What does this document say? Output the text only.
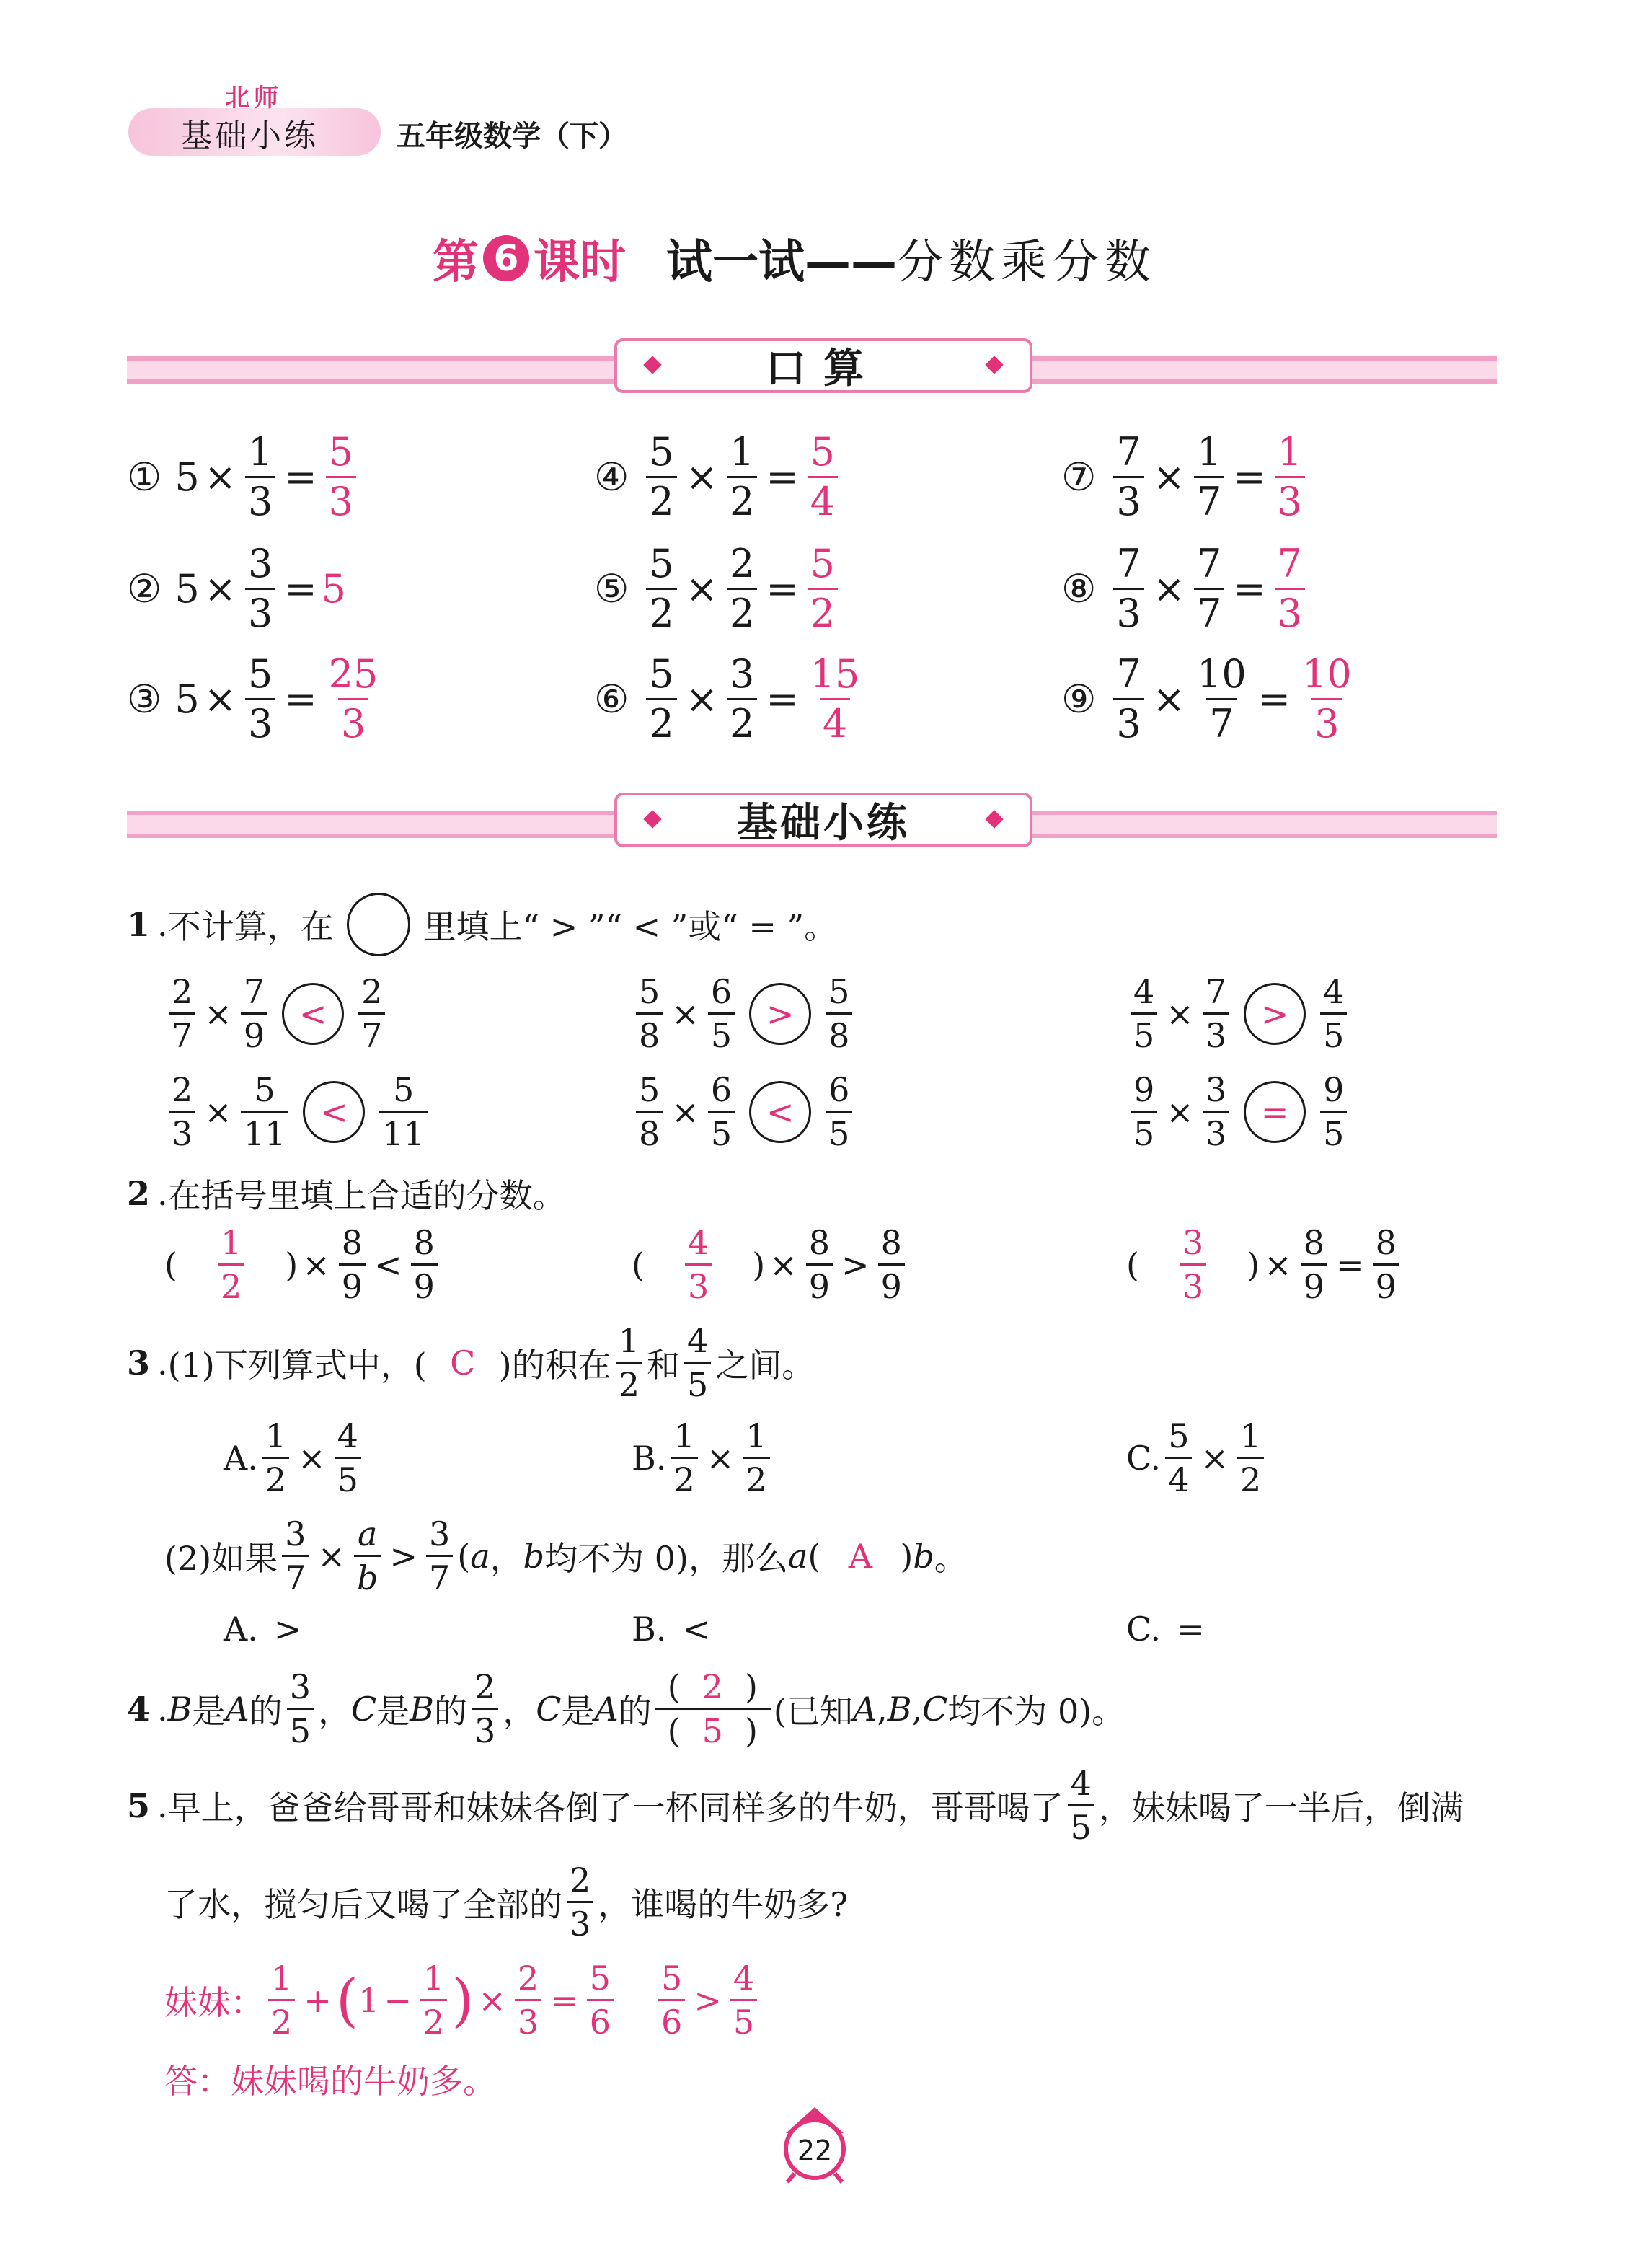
北师
基础小练	五年级数学（下）
第 6 课时 试一试——分数乘分数
口算
① $5 \times \frac{1}{3} = \frac{5}{3}$
② $5 \times \frac{3}{3} = 5$
③ $5 \times \frac{5}{3} = \frac{25}{3}$
④ $\frac{5}{2} \times \frac{1}{2} = \frac{5}{4}$
⑤ $\frac{5}{2} \times \frac{2}{2} = \frac{5}{2}$
⑥ $\frac{5}{2} \times \frac{3}{2} = \frac{15}{4}$
⑦ $\frac{7}{3} \times \frac{1}{7} = \frac{1}{3}$
⑧ $\frac{7}{3} \times \frac{7}{7} = \frac{7}{3}$
⑨ $\frac{7}{3} \times \frac{10}{7} = \frac{10}{3}$
基础小练
1 . 不计算，在	里填上“ > ”“ < ”或“ = ”。
$\frac{2}{7} \times \frac{7}{9} < \frac{2}{7}$	$\frac{5}{8} \times \frac{6}{5} > \frac{5}{8}$	$\frac{4}{5} \times \frac{7}{3} > \frac{4}{5}$
$\frac{2}{3} \times \frac{5}{11} < \frac{5}{11}$	$\frac{5}{8} \times \frac{6}{5} < \frac{6}{5}$	$\frac{9}{5} \times \frac{3}{3} = \frac{9}{5}$
2 . 在括号里填上合适的分数。
( $\frac{1}{2}$ ) × $\frac{8}{9} < \frac{8}{9}$	( $\frac{4}{3}$ ) × $\frac{8}{9} > \frac{8}{9}$	( $\frac{3}{3}$ ) × $\frac{8}{9} = \frac{8}{9}$
3 . (1)下列算式中，( C )的积在 $\frac{1}{2}$ 和 $\frac{4}{5}$ 之间。
A. $\frac{1}{2} \times \frac{4}{5}$	B. $\frac{1}{2} \times \frac{1}{2}$	C. $\frac{5}{4} \times \frac{1}{2}$
(2)如果 $\frac{3}{7} \times \frac{a}{b} > \frac{3}{7}$ ( a ， b 均不为 0)，那么 a ( A ) b 。
A. >	B. <	C. =
4 . B 是 A 的 $\frac{3}{5}$ ， C 是 B 的 $\frac{2}{3}$ ， C 是 A 的 $\frac{( 2 )}{( 5 )}$ (已知 A , B , C 均不为 0)。
5 . 早上，爸爸给哥哥和妹妹各倒了一杯同样多的牛奶，哥哥喝了 $\frac{4}{5}$ ，妹妹喝了一半后，倒满
了水，搅匀后又喝了全部的 $\frac{2}{3}$ ，谁喝的牛奶多?
妹妹： $\frac{1}{2}$ + ( $1 - \frac{1}{2}$ ) × $\frac{2}{3} = \frac{5}{6} \frac{5}{6} > \frac{4}{5}$
答：妹妹喝的牛奶多。
22
